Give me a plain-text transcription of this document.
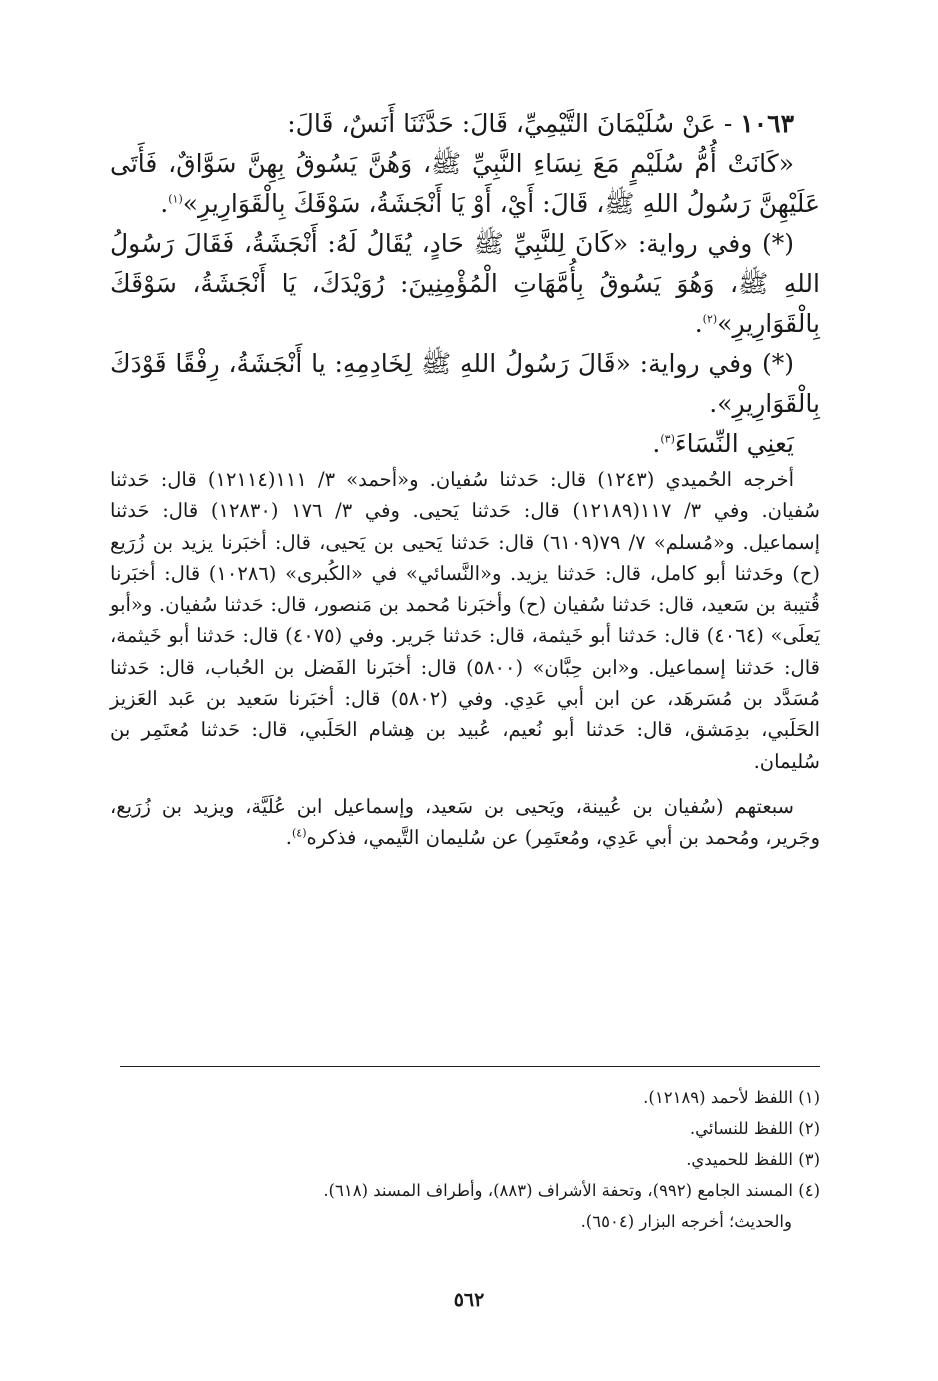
١٠٦٣ - عَنْ سُلَيْمَانَ التَّيْمِيِّ، قَالَ: حَدَّثَنَا أَنَسٌ، قَالَ:

«كَانَتْ أُمُّ سُلَيْمٍ مَعَ نِسَاءِ النَّبِيِّ ﷺ، وَهُنَّ يَسُوقُ بِهِنَّ سَوَّاقٌ، فَأَتَى عَلَيْهِنَّ رَسُولُ اللهِ ﷺ، قَالَ: أَيْ، أَوْ يَا أَنْجَشَةُ، سَوْقَكَ بِالْقَوَارِيرِ»$^{(١)}$.

(*) وفي رواية: «كَانَ لِلنَّبِيِّ ﷺ حَادٍ، يُقَالُ لَهُ: أَنْجَشَةُ، فَقَالَ رَسُولُ اللهِ ﷺ، وَهُوَ يَسُوقُ بِأُمَّهَاتِ الْمُؤْمِنِينَ: رُوَيْدَكَ، يَا أَنْجَشَةُ، سَوْقَكَ بِالْقَوَارِيرِ»$^{(٢)}$.

(*) وفي رواية: «قَالَ رَسُولُ اللهِ ﷺ لِخَادِمِهِ: يا أَنْجَشَةُ، رِفْقًا قَوْدَكَ بِالْقَوَارِيرِ».

يَعنِي النِّسَاءَ$^{(٣)}$.

أخرجه الحُميدي (١٢٤٣) قال: حَدثنا سُفيان. و«أحمد» ٣/ ١١١(١٢١١٤) قال: حَدثنا سُفيان. وفي ٣/ ١١٧(١٢١٨٩) قال: حَدثنا يَحيى. وفي ٣/ ١٧٦ (١٢٨٣٠) قال: حَدثنا إسماعيل. و«مُسلم» ٧/ ٧٩(٦١٠٩) قال: حَدثنا يَحيى بن يَحيى، قال: أخبَرنا يزيد بن زُرَيع (ح) وحَدثنا أبو كامل، قال: حَدثنا يزيد. و«النَّسائي» في «الكُبرى» (١٠٢٨٦) قال: أخبَرنا قُتيبة بن سَعيد، قال: حَدثنا سُفيان (ح) وأخبَرنا مُحمد بن مَنصور، قال: حَدثنا سُفيان. و«أبو يَعلَى» (٤٠٦٤) قال: حَدثنا أبو خَيثمة، قال: حَدثنا جَرير. وفي (٤٠٧٥) قال: حَدثنا أبو خَيثمة، قال: حَدثنا إسماعيل. و«ابن حِبَّان» (٥٨٠٠) قال: أخبَرنا الفَضل بن الحُباب، قال: حَدثنا مُسَدَّد بن مُسَرهَد، عن ابن أبي عَدِي. وفي (٥٨٠٢) قال: أخبَرنا سَعيد بن عَبد العَزيز الحَلَبي، بدِمَشق، قال: حَدثنا أبو نُعيم، عُبيد بن هِشام الحَلَبي، قال: حَدثنا مُعتَمِر بن سُليمان.

سبعتهم (سُفيان بن عُيينة، ويَحيى بن سَعيد، وإسماعيل ابن عُلَيَّة، ويزيد بن زُرَيع، وجَرير، ومُحمد بن أبي عَدِي، ومُعتَمِر) عن سُليمان التَّيمي، فذكره$^{(٤)}$.

(١) اللفظ لأحمد (١٢١٨٩).

(٢) اللفظ للنسائي.

(٣) اللفظ للحميدي.

(٤) المسند الجامع (٩٩٢)، وتحفة الأشراف (٨٨٣)، وأطراف المسند (٦١٨).

والحديث؛ أخرجه البزار (٦٥٠٤).

٥٦٢
